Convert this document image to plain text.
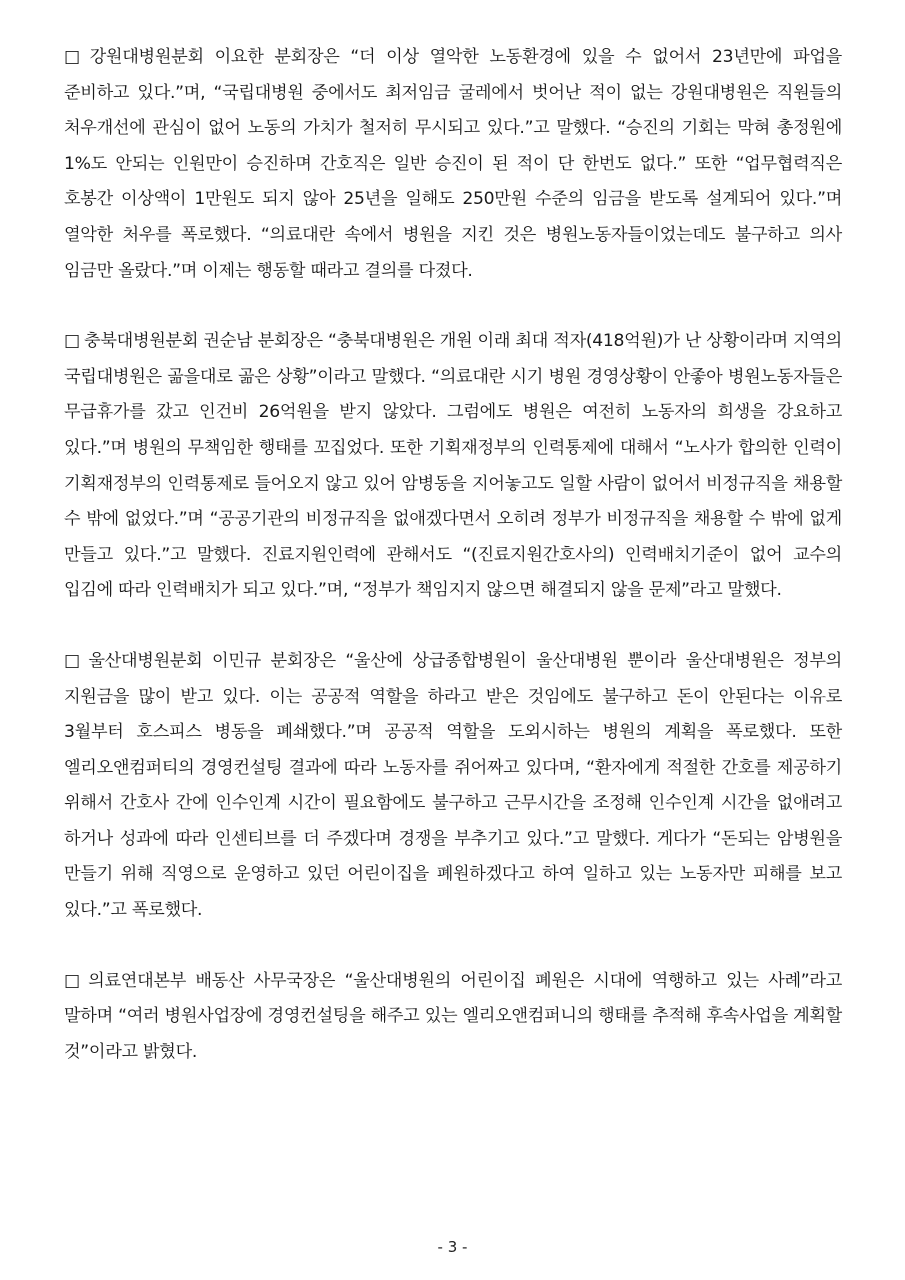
□ 강원대병원분회 이요한 분회장은 “더 이상 열악한 노동환경에 있을 수 없어서 23년만에 파업을 준비하고 있다.”며, “국립대병원 중에서도 최저임금 굴레에서 벗어난 적이 없는 강원대병원은 직원들의 처우개선에 관심이 없어 노동의 가치가 철저히 무시되고 있다.”고 말했다. “승진의 기회는 막혀 총정원에 1%도 안되는 인원만이 승진하며 간호직은 일반 승진이 된 적이 단 한번도 없다.” 또한 “업무협력직은 호봉간 이상액이 1만원도 되지 않아 25년을 일해도 250만원 수준의 임금을 받도록 설계되어 있다.”며 열악한 처우를 폭로했다. “의료대란 속에서 병원을 지킨 것은 병원노동자들이었는데도 불구하고 의사 임금만 올랐다.”며 이제는 행동할 때라고 결의를 다졌다.

□ 충북대병원분회 권순남 분회장은 “충북대병원은 개원 이래 최대 적자(418억원)가 난 상황이라며 지역의 국립대병원은 곪을대로 곪은 상황”이라고 말했다. “의료대란 시기 병원 경영상황이 안좋아 병원노동자들은 무급휴가를 갔고 인건비 26억원을 받지 않았다. 그럼에도 병원은 여전히 노동자의 희생을 강요하고 있다.”며 병원의 무책임한 행태를 꼬집었다. 또한 기획재정부의 인력통제에 대해서 “노사가 합의한 인력이 기획재정부의 인력통제로 들어오지 않고 있어 암병동을 지어놓고도 일할 사람이 없어서 비정규직을 채용할 수 밖에 없었다.”며 “공공기관의 비정규직을 없애겠다면서 오히려 정부가 비정규직을 채용할 수 밖에 없게 만들고 있다.”고 말했다. 진료지원인력에 관해서도 “(진료지원간호사의) 인력배치기준이 없어 교수의 입김에 따라 인력배치가 되고 있다.”며, “정부가 책임지지 않으면 해결되지 않을 문제”라고 말했다.

□ 울산대병원분회 이민규 분회장은 “울산에 상급종합병원이 울산대병원 뿐이라 울산대병원은 정부의 지원금을 많이 받고 있다. 이는 공공적 역할을 하라고 받은 것임에도 불구하고 돈이 안된다는 이유로 3월부터 호스피스 병동을 폐쇄했다.”며 공공적 역할을 도외시하는 병원의 계획을 폭로했다. 또한 엘리오앤컴퍼티의 경영컨설팅 결과에 따라 노동자를 쥐어짜고 있다며, “환자에게 적절한 간호를 제공하기 위해서 간호사 간에 인수인계 시간이 필요함에도 불구하고 근무시간을 조정해 인수인계 시간을 없애려고 하거나 성과에 따라 인센티브를 더 주겠다며 경쟁을 부추기고 있다.”고 말했다. 게다가 “돈되는 암병원을 만들기 위해 직영으로 운영하고 있던 어린이집을 폐원하겠다고 하여 일하고 있는 노동자만 피해를 보고 있다.”고 폭로했다.

□ 의료연대본부 배동산 사무국장은 “울산대병원의 어린이집 폐원은 시대에 역행하고 있는 사례”라고 말하며 “여러 병원사업장에 경영컨설팅을 해주고 있는 엘리오앤컴퍼니의 행태를 추적해 후속사업을 계획할 것”이라고 밝혔다.

- 3 -
